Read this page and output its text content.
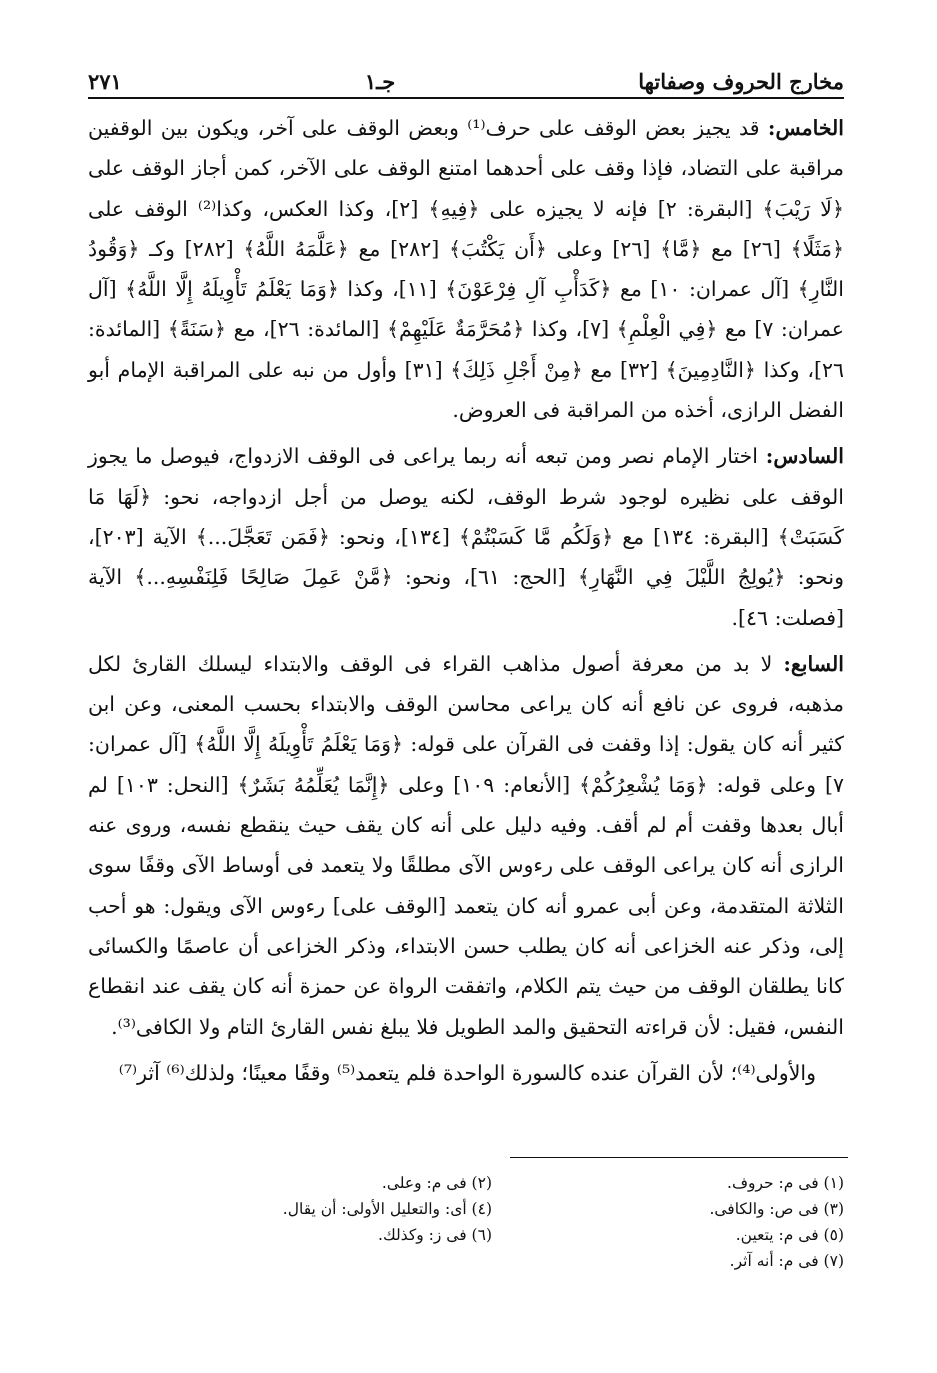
مخارج الحروف وصفاتها
جـ١
٢٧١

الخامس: قد يجيز بعض الوقف على حرف⁽¹⁾ وبعض الوقف على آخر، ويكون بين الوقفين مراقبة على التضاد، فإذا وقف على أحدهما امتنع الوقف على الآخر، كمن أجاز الوقف على ﴿لَا رَيْبَ﴾ [البقرة: ٢] فإنه لا يجيزه على ﴿فِيهِ﴾ [٢]، وكذا العكس، وكذا⁽²⁾ الوقف على ﴿مَثَلًا﴾ [٢٦] مع ﴿مَّا﴾ [٢٦] وعلى ﴿أَن يَكْتُبَ﴾ [٢٨٢] مع ﴿عَلَّمَهُ اللَّهُ﴾ [٢٨٢] وكـ ﴿وَقُودُ النَّارِ﴾ [آل عمران: ١٠] مع ﴿كَدَأْبِ آلِ فِرْعَوْنَ﴾ [١١]، وكذا ﴿وَمَا يَعْلَمُ تَأْوِيلَهُ إِلَّا اللَّهُ﴾ [آل عمران: ٧] مع ﴿فِي الْعِلْمِ﴾ [٧]، وكذا ﴿مُحَرَّمَةٌ عَلَيْهِمْ﴾ [المائدة: ٢٦]، مع ﴿سَنَةً﴾ [المائدة: ٢٦]، وكذا ﴿النَّادِمِينَ﴾ [٣٢] مع ﴿مِنْ أَجْلِ ذَلِكَ﴾ [٣١] وأول من نبه على المراقبة الإمام أبو الفضل الرازى، أخذه من المراقبة فى العروض.

السادس: اختار الإمام نصر ومن تبعه أنه ربما يراعى فى الوقف الازدواج، فيوصل ما يجوز الوقف على نظيره لوجود شرط الوقف، لكنه يوصل من أجل ازدواجه، نحو: ﴿لَهَا مَا كَسَبَتْ﴾ [البقرة: ١٣٤] مع ﴿وَلَكُم مَّا كَسَبْتُمْ﴾ [١٣٤]، ونحو: ﴿فَمَن تَعَجَّلَ...﴾ الآية [٢٠٣]، ونحو: ﴿يُولِجُ اللَّيْلَ فِي النَّهَارِ﴾ [الحج: ٦١]، ونحو: ﴿مَّنْ عَمِلَ صَالِحًا فَلِنَفْسِهِ...﴾ الآية [فصلت: ٤٦].

السابع: لا بد من معرفة أصول مذاهب القراء فى الوقف والابتداء ليسلك القارئ لكل مذهبه، فروى عن نافع أنه كان يراعى محاسن الوقف والابتداء بحسب المعنى، وعن ابن كثير أنه كان يقول: إذا وقفت فى القرآن على قوله: ﴿وَمَا يَعْلَمُ تَأْوِيلَهُ إِلَّا اللَّهُ﴾ [آل عمران: ٧] وعلى قوله: ﴿وَمَا يُشْعِرُكُمْ﴾ [الأنعام: ١٠٩] وعلى ﴿إِنَّمَا يُعَلِّمُهُ بَشَرٌ﴾ [النحل: ١٠٣] لم أبال بعدها وقفت أم لم أقف. وفيه دليل على أنه كان يقف حيث ينقطع نفسه، وروى عنه الرازى أنه كان يراعى الوقف على رءوس الآى مطلقًا ولا يتعمد فى أوساط الآى وقفًا سوى الثلاثة المتقدمة، وعن أبى عمرو أنه كان يتعمد [الوقف على] رءوس الآى ويقول: هو أحب إلى، وذكر عنه الخزاعى أنه كان يطلب حسن الابتداء، وذكر الخزاعى أن عاصمًا والكسائى كانا يطلقان الوقف من حيث يتم الكلام، واتفقت الرواة عن حمزة أنه كان يقف عند انقطاع النفس، فقيل: لأن قراءته التحقيق والمد الطويل فلا يبلغ نفس القارئ التام ولا الكافى⁽³⁾.

والأولى⁽⁴⁾؛ لأن القرآن عنده كالسورة الواحدة فلم يتعمد⁽⁵⁾ وقفًا معينًا؛ ولذلك⁽⁶⁾ آثر⁽⁷⁾

(١) فى م: حروف.
(٢) فى م: وعلى.
(٣) فى ص: والكافى.
(٤) أى: والتعليل الأولى: أن يقال.
(٥) فى م: يتعين.
(٦) فى ز: وكذلك.
(٧) فى م: أنه آثر.
